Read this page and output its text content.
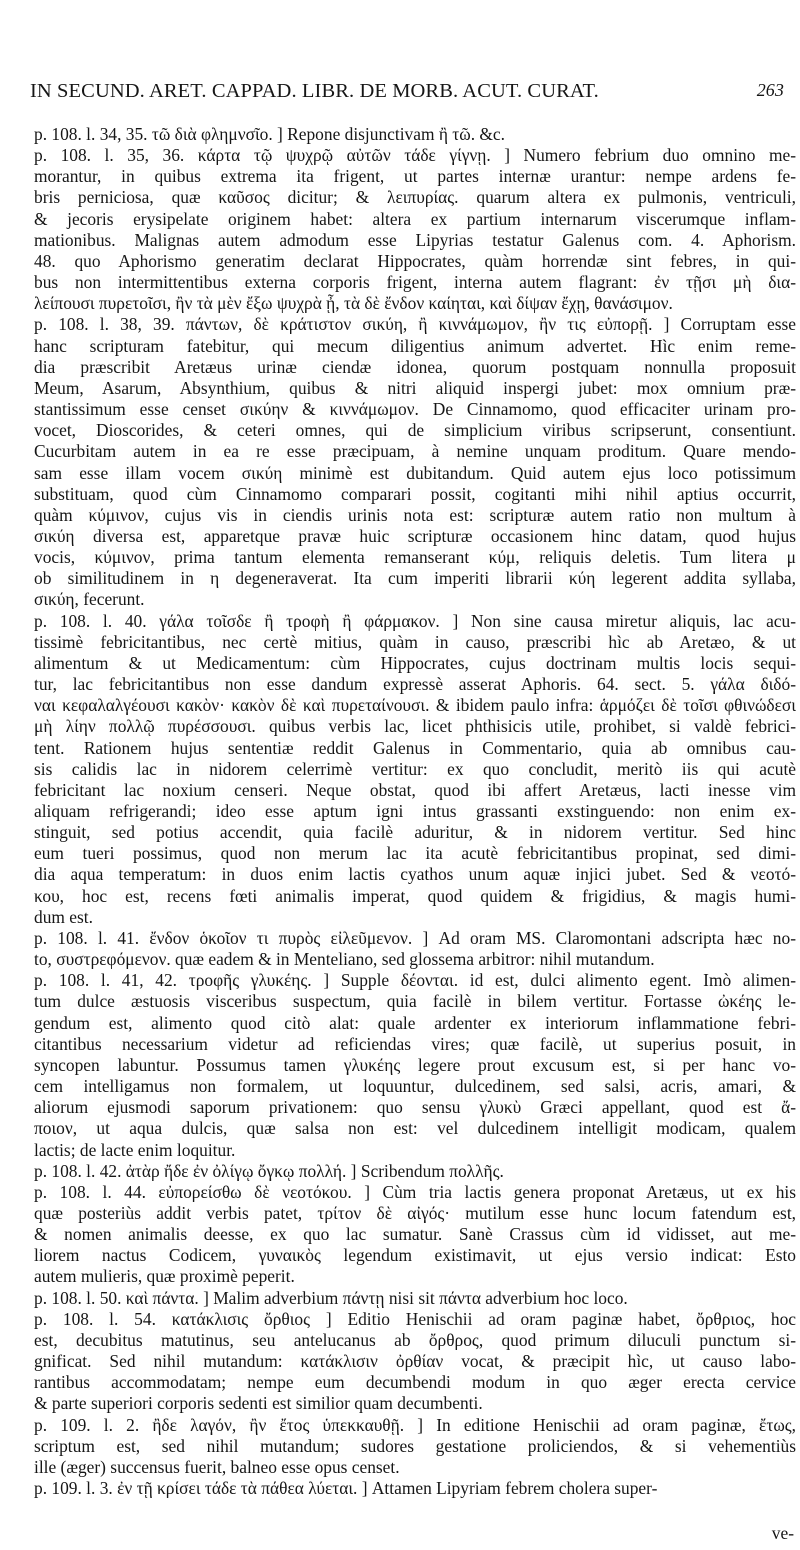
IN SECUND. ARET. CAPPAD. LIBR. DE MORB. ACUT. CURAT.	263
p. 108. l. 34, 35. τῶ διὰ φλημνσῖο. ] Repone disjunctivam ἢ τῶ. &c.
p. 108. l. 35, 36. κάρτα τῷ ψυχρῷ αὐτῶν τάδε γίγνῃ. ] Numero febrium duo omnino me-
morantur, in quibus extrema ita frigent, ut partes internæ urantur: nempe ardens fe-
bris perniciosa, quæ καῦσος dicitur; & λειπυρίας. quarum altera ex pulmonis, ventriculi,
& jecoris erysipelate originem habet: altera ex partium internarum viscerumque inflam-
mationibus. Malignas autem admodum esse Lipyrias testatur Galenus com. 4. Aphorism.
48. quo Aphorismo generatim declarat Hippocrates, quàm horrendæ sint febres, in qui-
bus non intermittentibus externa corporis frigent, interna autem flagrant: ἐν τῇσι μὴ δια-
λείπουσι πυρετοῖσι, ἢν τὰ μὲν ἔξω ψυχρὰ ᾖ, τὰ δὲ ἔνδον καίηται, καὶ δίψαν ἔχῃ, θανάσιμον.
p. 108. l. 38, 39. πάντων, δὲ κράτιστον σικύη, ἢ κιννάμωμον, ἢν τις εὐπορῇ. ] Corruptam esse
hanc scripturam fatebitur, qui mecum diligentius animum advertet. Hìc enim reme-
dia præscribit Aretæus urinæ ciendæ idonea, quorum postquam nonnulla proposuit
Meum, Asarum, Absynthium, quibus & nitri aliquid inspergi jubet: mox omnium præ-
stantissimum esse censet σικύην & κιννάμωμον. De Cinnamomo, quod efficaciter urinam pro-
vocet, Dioscorides, & ceteri omnes, qui de simplicium viribus scripserunt, consentiunt.
Cucurbitam autem in ea re esse præcipuam, à nemine unquam proditum. Quare mendo-
sam esse illam vocem σικύη minimè est dubitandum. Quid autem ejus loco potissimum
substituam, quod cùm Cinnamomo comparari possit, cogitanti mihi nihil aptius occurrit,
quàm κύμινον, cujus vis in ciendis urinis nota est: scripturæ autem ratio non multum à
σικύη diversa est, apparetque pravæ huic scripturæ occasionem hinc datam, quod hujus
vocis, κύμινον, prima tantum elementa remanserant κύμ, reliquis deletis. Tum litera μ
ob similitudinem in η degeneraverat. Ita cum imperiti librarii κύη legerent addita syllaba,
σικύη, fecerunt.
p. 108. l. 40. γάλα τοῖσδε ἢ τροφὴ ἢ φάρμακον. ] Non sine causa miretur aliquis, lac acu-
tissimè febricitantibus, nec certè mitius, quàm in causo, præscribi hìc ab Aretæo, & ut
alimentum & ut Medicamentum: cùm Hippocrates, cujus doctrinam multis locis sequi-
tur, lac febricitantibus non esse dandum expressè asserat Aphoris. 64. sect. 5. γάλα διδό-
ναι κεφαλαλγέουσι κακὸν· κακὸν δὲ καὶ πυρεταίνουσι. & ibidem paulo infra: ἁρμόζει δὲ τοῖσι φθινώδεσι
μὴ λίην πολλῷ πυρέσσουσι. quibus verbis lac, licet phthisicis utile, prohibet, si valdè febrici-
tent. Rationem hujus sententiæ reddit Galenus in Commentario, quia ab omnibus cau-
sis calidis lac in nidorem celerrimè vertitur: ex quo concludit, meritò iis qui acutè
febricitant lac noxium censeri. Neque obstat, quod ibi affert Aretæus, lacti inesse vim
aliquam refrigerandi; ideo esse aptum igni intus grassanti exstinguendo: non enim ex-
stinguit, sed potius accendit, quia facilè aduritur, & in nidorem vertitur. Sed hinc
eum tueri possimus, quod non merum lac ita acutè febricitantibus propinat, sed dimi-
dia aqua temperatum: in duos enim lactis cyathos unum aquæ injici jubet. Sed & νεοτό-
κου, hoc est, recens fœti animalis imperat, quod quidem & frigidius, & magis humi-
dum est.
p. 108. l. 41. ἔνδον ὁκοῖον τι πυρὸς εἰλεῦμενον. ] Ad oram MS. Claromontani adscripta hæc no-
to, συστρεφόμενον. quæ eadem & in Menteliano, sed glossema arbitror: nihil mutandum.
p. 108. l. 41, 42. τροφῆς γλυκέης. ] Supple δέονται. id est, dulci alimento egent. Imò alimen-
tum dulce æstuosis visceribus suspectum, quia facilè in bilem vertitur. Fortasse ὠκέης le-
gendum est, alimento quod citò alat: quale ardenter ex interiorum inflammatione febri-
citantibus necessarium videtur ad reficiendas vires; quæ facilè, ut superius posuit, in
syncopen labuntur. Possumus tamen γλυκέης legere prout excusum est, si per hanc vo-
cem intelligamus non formalem, ut loquuntur, dulcedinem, sed salsi, acris, amari, &
aliorum ejusmodi saporum privationem: quo sensu γλυκὺ Græci appellant, quod est ἄ-
ποιον, ut aqua dulcis, quæ salsa non est: vel dulcedinem intelligit modicam, qualem
lactis; de lacte enim loquitur.
p. 108. l. 42. ἀτὰρ ἤδε ἐν ὀλίγῳ ὄγκῳ πολλή. ] Scribendum πολλῆς.
p. 108. l. 44. εὐπορείσθω δὲ νεοτόκου. ] Cùm tria lactis genera proponat Aretæus, ut ex his
quæ posteriùs addit verbis patet, τρίτον δὲ αἰγός· mutilum esse hunc locum fatendum est,
& nomen animalis deesse, ex quo lac sumatur. Sanè Crassus cùm id vidisset, aut me-
liorem nactus Codicem, γυναικὸς legendum existimavit, ut ejus versio indicat: Esto
autem mulieris, quæ proximè peperit.
p. 108. l. 50. καὶ πάντα. ] Malim adverbium πάντῃ nisi sit πάντα adverbium hoc loco.
p. 108. l. 54. κατάκλισις ὄρθιος ] Editio Henischii ad oram paginæ habet, ὄρθριος, hoc
est, decubitus matutinus, seu antelucanus ab ὄρθρος, quod primum diluculi punctum si-
gnificat. Sed nihil mutandum: κατάκλισιν ὀρθίαν vocat, & præcipit hìc, ut causo labo-
rantibus accommodatam; nempe eum decumbendi modum in quo æger erecta cervice
& parte superiori corporis sedenti est similior quam decumbenti.
p. 109. l. 2. ἢδε λαγόν, ἢν ἔτος ὑπεκκαυθῇ. ] In editione Henischii ad oram paginæ, ἔτως,
scriptum est, sed nihil mutandum; sudores gestatione proliciendos, & si vehementiùs
ille (æger) succensus fuerit, balneo esse opus censet.
p. 109. l. 3. ἐν τῇ κρίσει τάδε τὰ πάθεα λύεται. ] Attamen Lipyriam febrem cholera super-
ve-
